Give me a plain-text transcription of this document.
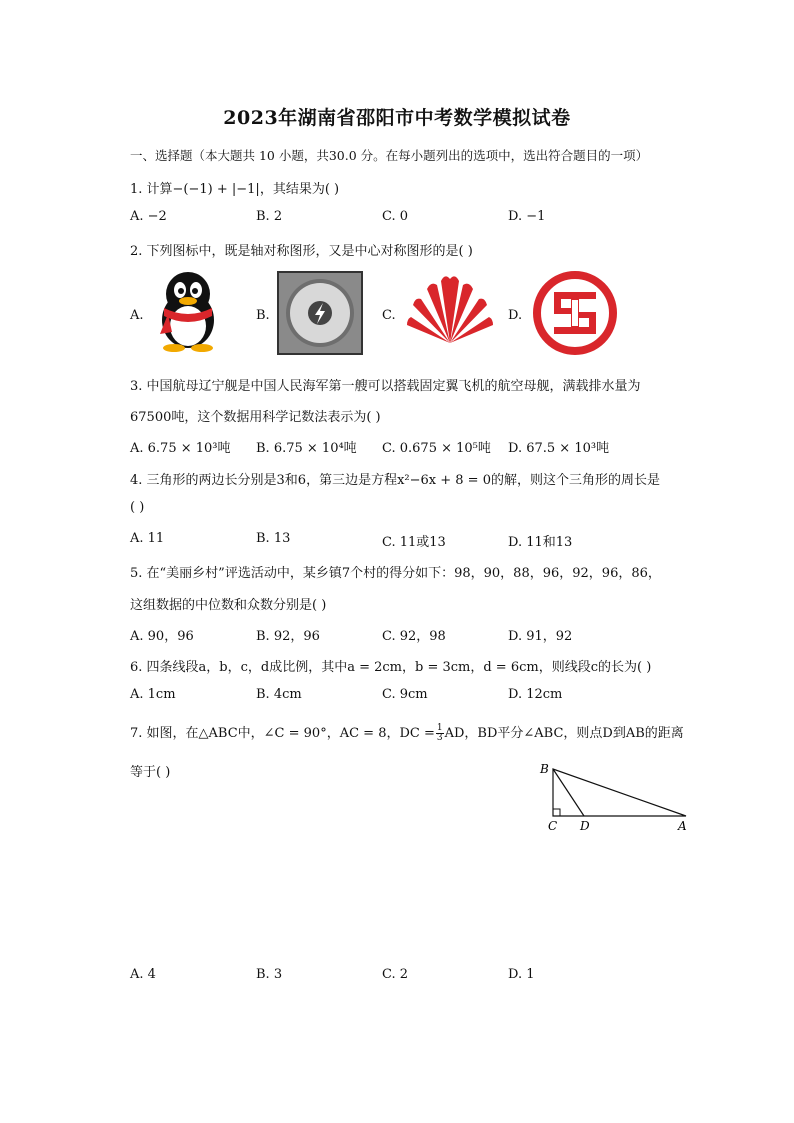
2023年湖南省邵阳市中考数学模拟试卷
一、选择题（本大题共 10 小题，共30.0 分。在每小题列出的选项中，选出符合题目的一项）
1. 计算−(−1) + |−1|，其结果为( )
A. −2	B. 2	C. 0	D. −1
2. 下列图标中，既是轴对称图形，又是中心对称图形的是( )
A.	B.	C.	D.
3. 中国航母辽宁舰是中国人民海军第一艘可以搭载固定翼飞机的航空母舰，满载排水量为
67500吨，这个数据用科学记数法表示为( )
A. 6.75 × 10³吨 B. 6.75 × 10⁴吨 C. 0.675 × 10⁵吨 D. 67.5 × 10³吨
4. 三角形的两边长分别是3和6，第三边是方程x²−6x + 8 = 0的解，则这个三角形的周长是
( )
A. 11	B. 13	C. 11或13	D. 11和13
5. 在“美丽乡村”评选活动中，某乡镇7个村的得分如下：98，90，88，96，92，96，86，
这组数据的中位数和众数分别是( )
A. 90，96	B. 92，96	C. 92，98	D. 91，92
6. 四条线段a，b，c，d成比例，其中a = 2cm，b = 3cm，d = 6cm，则线段c的长为( )
A. 1cm	B. 4cm	C. 9cm	D. 12cm
7. 如图，在△ABC中，∠C = 90°，AC = 8，DC = $\frac{1}{3}$ AD，BD平分∠ABC，则点D到AB的距离
等于( )	B
C D	A
A. 4	B. 3	C. 2	D. 1
